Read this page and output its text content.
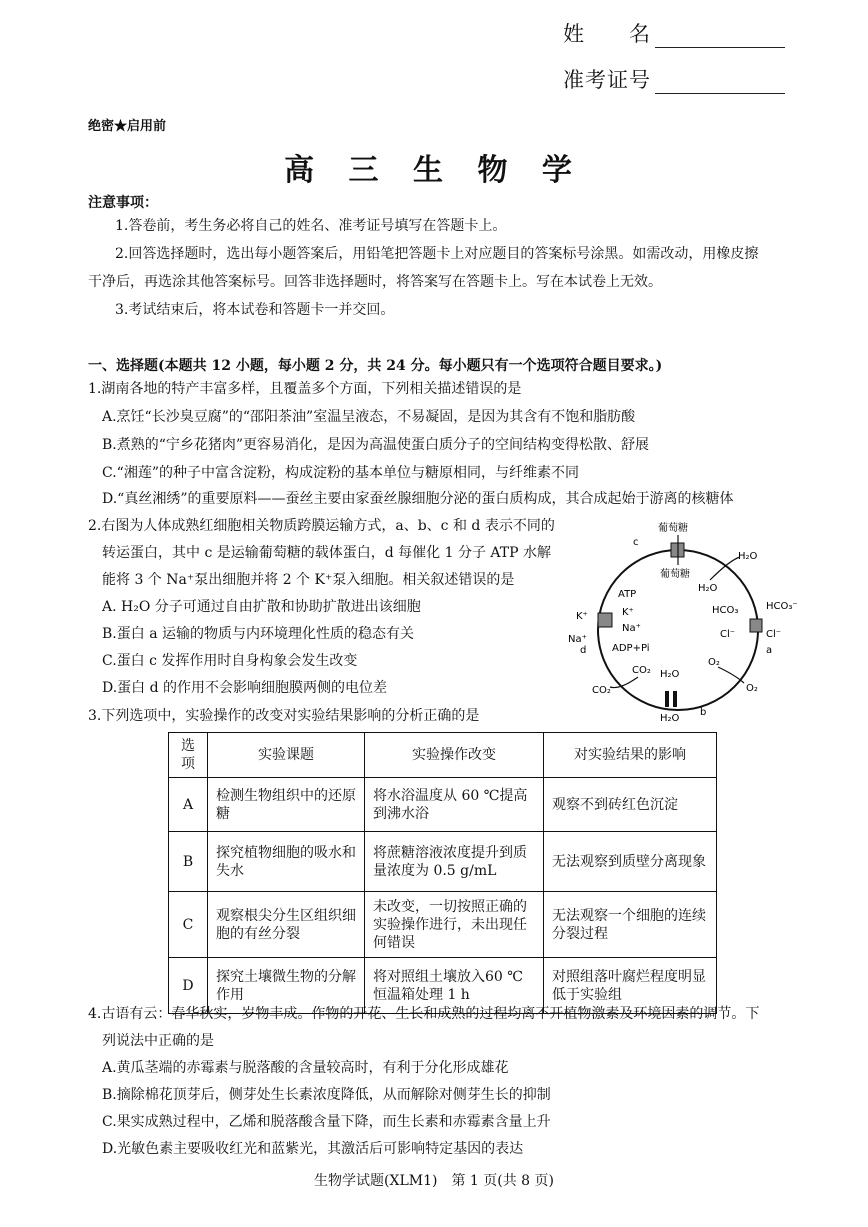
姓　　名
准考证号
绝密★启用前
高 三 生 物 学
注意事项：
1.答卷前，考生务必将自己的姓名、准考证号填写在答题卡上。
2.回答选择题时，选出每小题答案后，用铅笔把答题卡上对应题目的答案标号涂黑。如需改动，用橡皮擦
干净后，再选涂其他答案标号。回答非选择题时，将答案写在答题卡上。写在本试卷上无效。
3.考试结束后，将本试卷和答题卡一并交回。
一、选择题(本题共 12 小题，每小题 2 分，共 24 分。每小题只有一个选项符合题目要求。)
1.湖南各地的特产丰富多样，且覆盖多个方面，下列相关描述错误的是
A.烹饪“长沙臭豆腐”的“邵阳茶油”室温呈液态，不易凝固，是因为其含有不饱和脂肪酸
B.煮熟的“宁乡花猪肉”更容易消化，是因为高温使蛋白质分子的空间结构变得松散、舒展
C.“湘莲”的种子中富含淀粉，构成淀粉的基本单位与糖原相同，与纤维素不同
D.“真丝湘绣”的重要原料——蚕丝主要由家蚕丝腺细胞分泌的蛋白质构成，其合成起始于游离的核糖体
2.右图为人体成熟红细胞相关物质跨膜运输方式，a、b、c 和 d 表示不同的
转运蛋白，其中 c 是运输葡萄糖的载体蛋白，d 每催化 1 分子 ATP 水解
能将 3 个 Na⁺泵出细胞并将 2 个 K⁺泵入细胞。相关叙述错误的是
A. H₂O 分子可通过自由扩散和协助扩散进出该细胞
B.蛋白 a 运输的物质与内环境理化性质的稳态有关
C.蛋白 c 发挥作用时自身构象会发生改变
D.蛋白 d 的作用不会影响细胞膜两侧的电位差
葡萄糖
葡萄糖
c
H₂O
H₂O
HCO₃	HCO₃⁻
Cl⁻	Cl⁻
a
ATP
ADP+Pi
K⁺	K⁺
Na⁺
Na⁺
d
CO₂
CO₂
H₂O
H₂O
b
O₂
O₂
3.下列选项中，实验操作的改变对实验结果影响的分析正确的是
选项	实验课题	实验操作改变	对实验结果的影响
A	检测生物组织中的还原糖	将水浴温度从 60 ℃提高到沸水浴	观察不到砖红色沉淀
B	探究植物细胞的吸水和失水	将蔗糖溶液浓度提升到质量浓度为 0.5 g/mL	无法观察到质壁分离现象
C	观察根尖分生区组织细胞的有丝分裂	未改变，一切按照正确的实验操作进行，未出现任何错误	无法观察一个细胞的连续分裂过程
D	探究土壤微生物的分解作用	将对照组土壤放入60 ℃恒温箱处理 1 h	对照组落叶腐烂程度明显低于实验组
4.古语有云：春华秋实，岁物丰成。作物的开花、生长和成熟的过程均离不开植物激素及环境因素的调节。下
列说法中正确的是
A.黄瓜茎端的赤霉素与脱落酸的含量较高时，有利于分化形成雄花
B.摘除棉花顶芽后，侧芽处生长素浓度降低，从而解除对侧芽生长的抑制
C.果实成熟过程中，乙烯和脱落酸含量下降，而生长素和赤霉素含量上升
D.光敏色素主要吸收红光和蓝紫光，其激活后可影响特定基因的表达
生物学试题(XLM1)　第 1 页(共 8 页)
